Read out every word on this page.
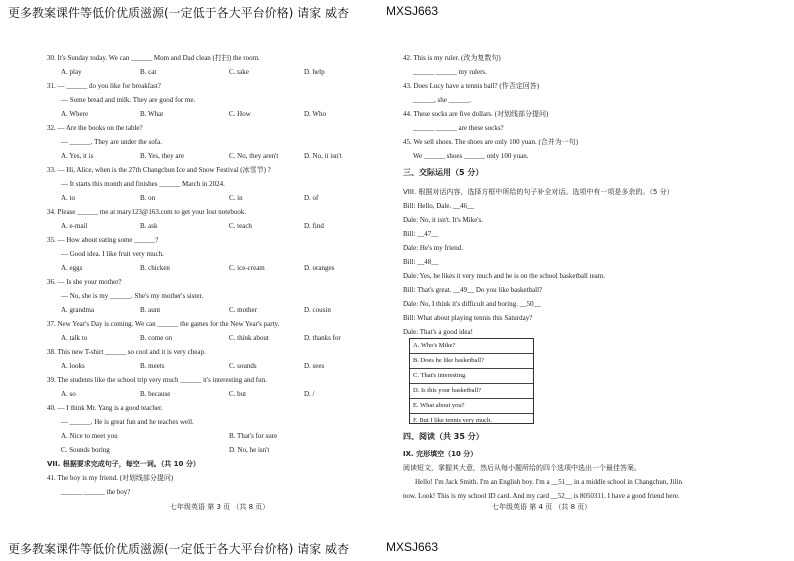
更多教案课件等低价优质滋源(一定低于各大平台价格) 请家 威杏	MXSJ663
30. It's Sunday today. We can ______ Mom and Dad clean (打扫) the room.
A. play	B. cat	C. take	D. help
31. — ______ do you like for breakfast?
— Some bread and milk. They are good for me.
A. Where	B. What	C. How	D. Who
32. — Are the books on the table?
— ______. They are under the sofa.
A. Yes, it is	B. Yes, they are	C. No, they aren't	D. No, it isn't
33. — Hi, Alice, when is the 27th Changchun Ice and Snow Festival (冰雪节) ?
— It starts this month and finishes ______ March in 2024.
A. to	B. on	C. in	D. of
34. Please ______ me at mary123@163.com to get your lost notebook.
A. e-mail	B. ask	C. teach	D. find
35. — How about eating some ______?
— Good idea. I like fruit very much.
A. eggs	B. chicken	C. ice-cream	D. oranges
36. — Is she your mother?
— No, she is my ______. She's my mother's sister.
A. grandma	B. aunt	C. mother	D. cousin
37. New Year's Day is coming. We can ______ the games for the New Year's party.
A. talk to	B. come on	C. think about	D. thanks for
38. This new T-shirt ______ so cool and it is very cheap.
A. looks	B. meets	C. sounds	D. sees
39. The students like the school trip very much ______ it's interesting and fun.
A. so	B. because	C. but	D. /
40. — I think Mr. Yang is a good teacher.
— ______. He is great fun and he teaches well.
A. Nice to meet you	B. That's for sure
C. Sounds boring	D. No, he isn't
VII. 根据要求完成句子，每空一词。（共 10 分）
41. The boy is my friend. (对划线部分提问)
______ ______ the boy?
七年级英语 第 3 页 （共 8 页）
42. This is my ruler. (改为复数句)
______ ______ my rulers.
43. Does Lucy have a tennis ball? (作否定回答)
______, she ______.
44. These socks are five dollars. (对划线部分提问)
______ ______ are these socks?
45. We sell shoes. The shoes are only 100 yuan. (合并为一句)
We ______ shoes ______ only 100 yuan.
三、交际运用（5 分）
VIII. 根据对话内容，选择方框中所给的句子补全对话。选项中有一项是多余的。（5 分）
Bill: Hello, Dale. __46__
Dale: No, it isn't. It's Mike's.
Bill: __47__
Dale: He's my friend.
Bill: __48__
Dale: Yes, he likes it very much and he is on the school basketball team.
Bill: That's great. __49__ Do you like basketball?
Dale: No, I think it's difficult and boring. __50__
Bill: What about playing tennis this Saturday?
Dale: That's a good idea!
A. Who's Mike?
B. Does he like basketball?
C. That's interesting.
D. Is this your basketball?
E. What about you?
F. But I like tennis very much.
四、阅读（共 35 分）
IX. 完形填空（10 分）
阅读短文，掌握其大意，然后从每小题所给的四个选项中选出一个最佳答案。
Hello! I'm Jack Smith. I'm an English boy. I'm a __51__ in a middle school in Changchun, Jilin
now. Look! This is my school ID card. And my card __52__ is 8050311. I have a good friend here.
七年级英语 第 4 页 （共 8 页）
更多教案课件等低价优质滋源(一定低于各大平台价格) 请家 威杏	MXSJ663
